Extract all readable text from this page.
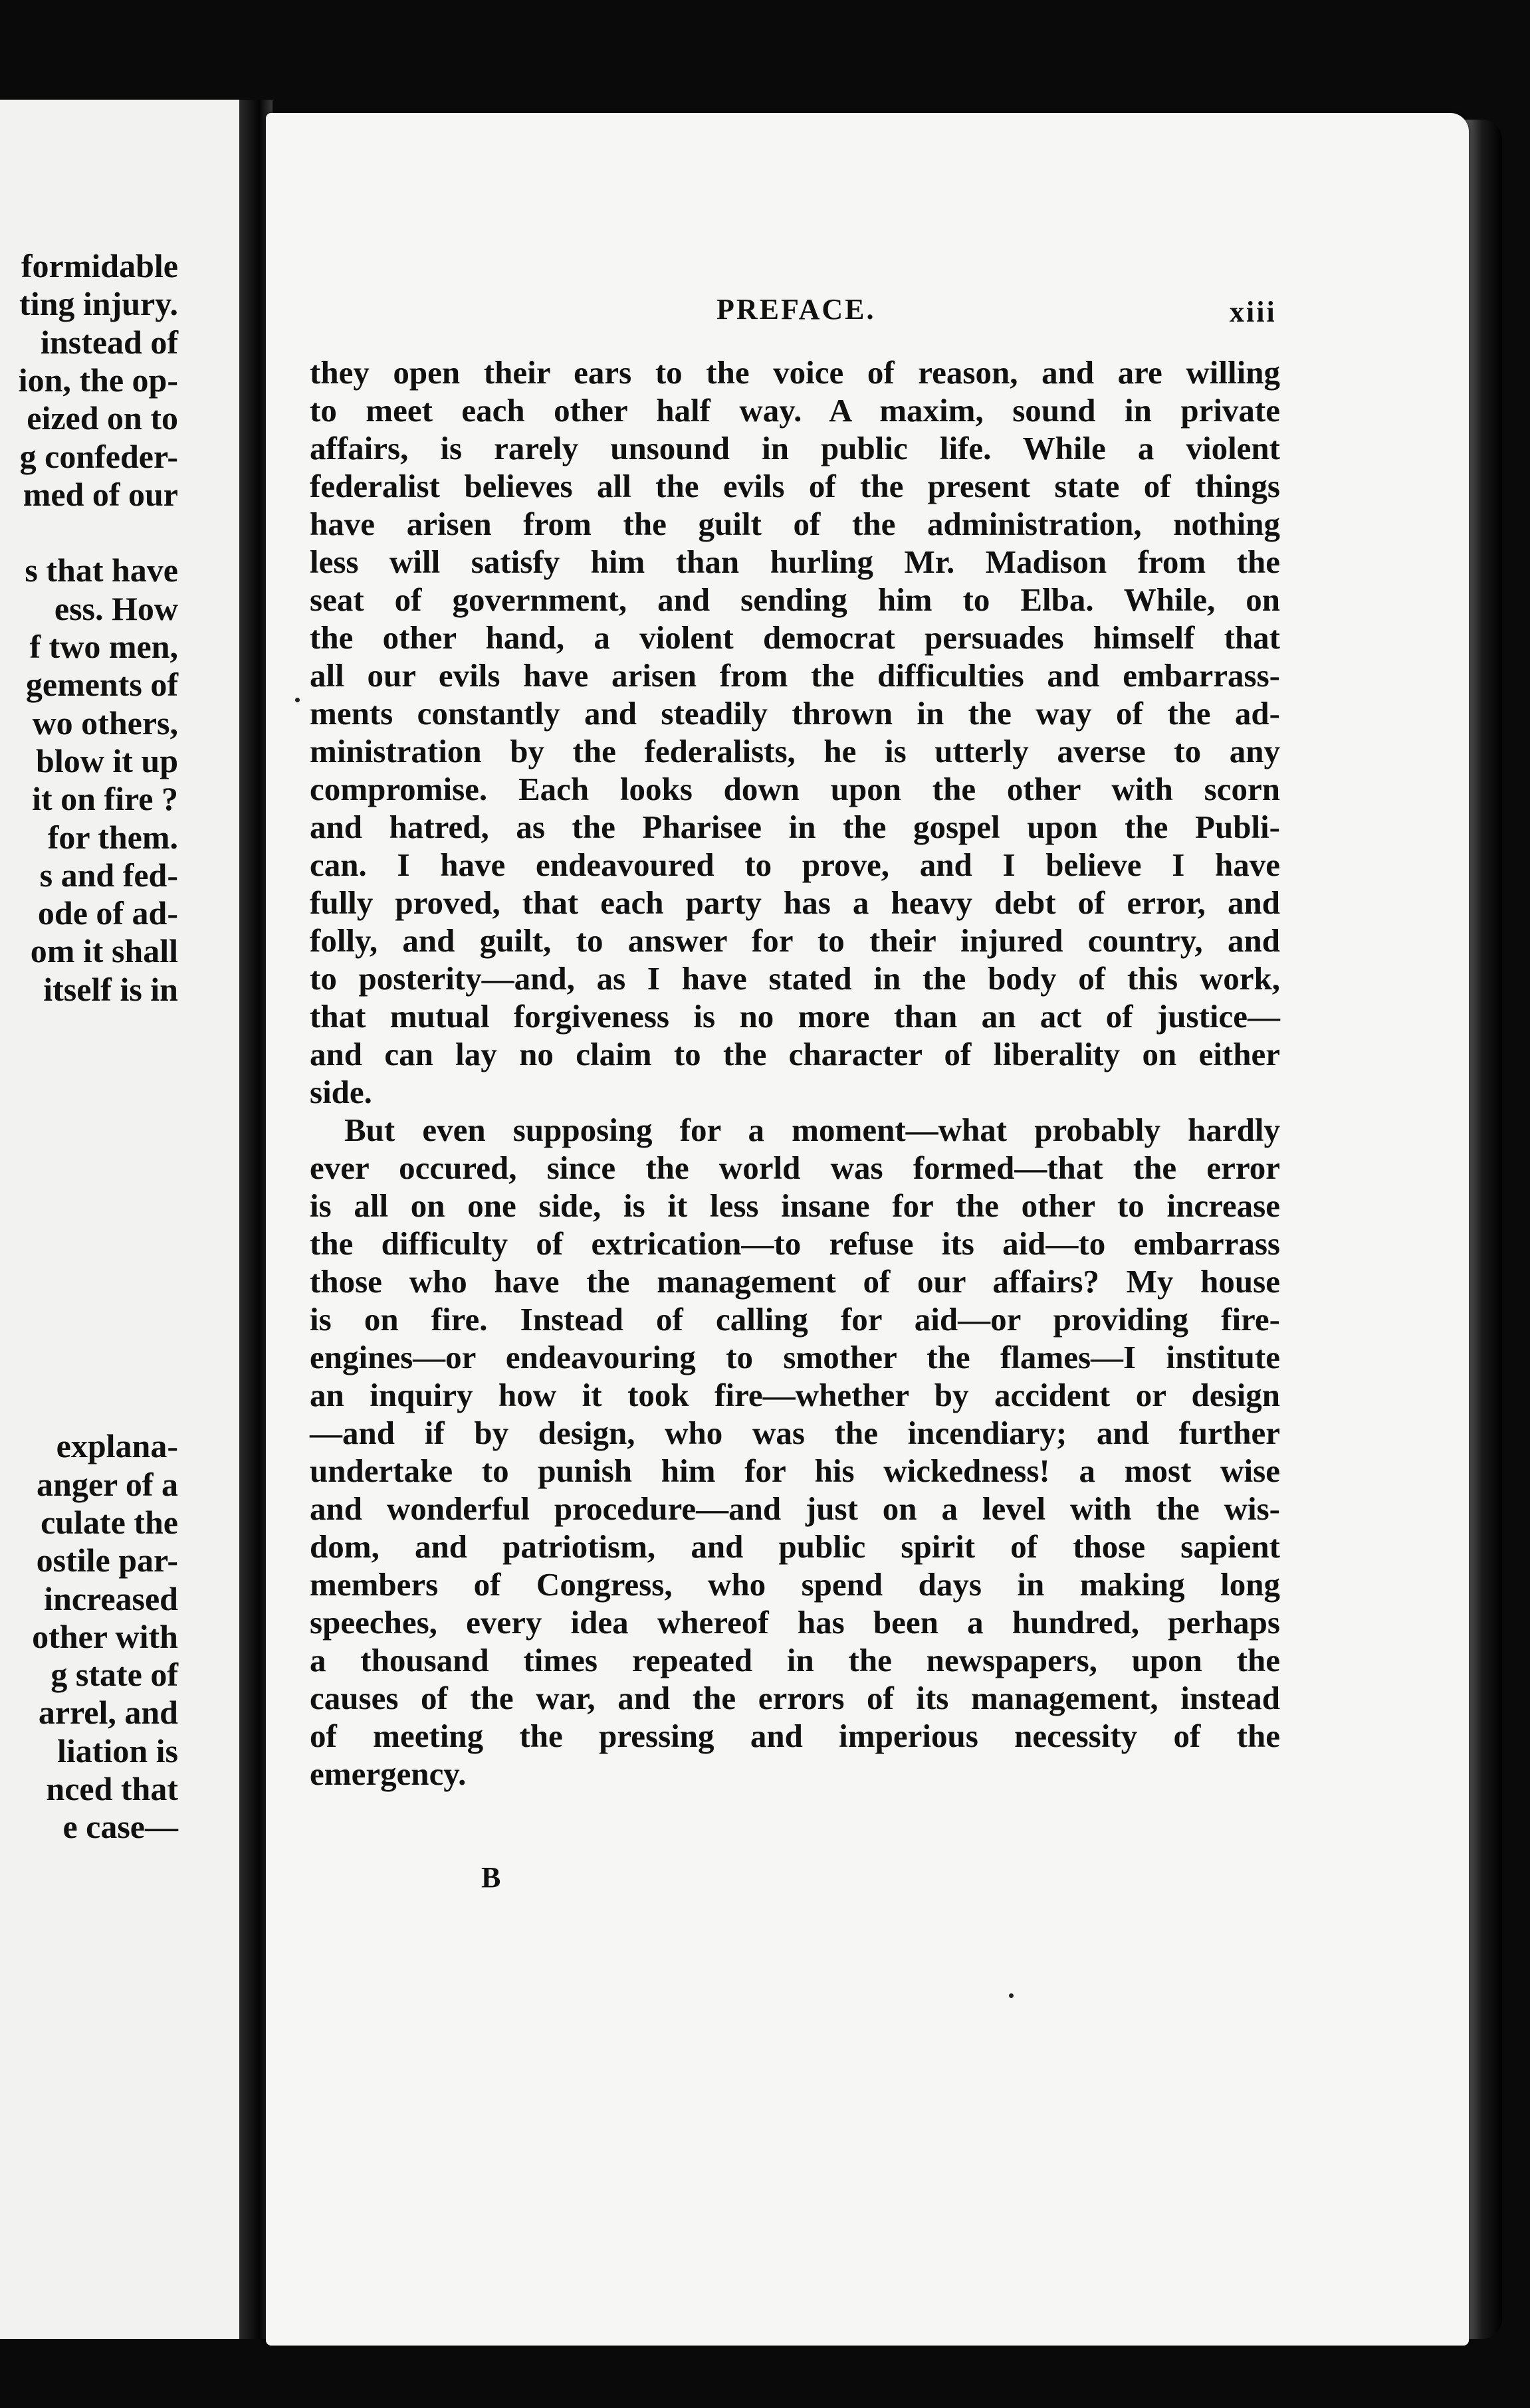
formidable
ting injury.
instead of
ion, the op-
eized on to
g confeder-
med of our
s that have
ess. How
f two men,
gements of
wo others,
blow it up
it on fire ?
for them.
s and fed-
ode of ad-
om it shall
itself is in
explana-
anger of a
culate the
ostile par-
increased
other with
g state of
arrel, and
liation is
nced that
e case—
PREFACE.	xiii
they open their ears to the voice of reason, and are willing
to meet each other half way. A maxim, sound in private
affairs, is rarely unsound in public life. While a violent
federalist believes all the evils of the present state of things
have arisen from the guilt of the administration, nothing
less will satisfy him than hurling Mr. Madison from the
seat of government, and sending him to Elba. While, on
the other hand, a violent democrat persuades himself that
all our evils have arisen from the difficulties and embarrass-
ments constantly and steadily thrown in the way of the ad-
ministration by the federalists, he is utterly averse to any
compromise. Each looks down upon the other with scorn
and hatred, as the Pharisee in the gospel upon the Publi-
can. I have endeavoured to prove, and I believe I have
fully proved, that each party has a heavy debt of error, and
folly, and guilt, to answer for to their injured country, and
to posterity—and, as I have stated in the body of this work,
that mutual forgiveness is no more than an act of justice—
and can lay no claim to the character of liberality on either
side.
But even supposing for a moment—what probably hardly
ever occured, since the world was formed—that the error
is all on one side, is it less insane for the other to increase
the difficulty of extrication—to refuse its aid—to embarrass
those who have the management of our affairs? My house
is on fire. Instead of calling for aid—or providing fire-
engines—or endeavouring to smother the flames—I institute
an inquiry how it took fire—whether by accident or design
—and if by design, who was the incendiary; and further
undertake to punish him for his wickedness! a most wise
and wonderful procedure—and just on a level with the wis-
dom, and patriotism, and public spirit of those sapient
members of Congress, who spend days in making long
speeches, every idea whereof has been a hundred, perhaps
a thousand times repeated in the newspapers, upon the
causes of the war, and the errors of its management, instead
of meeting the pressing and imperious necessity of the
emergency.
B
